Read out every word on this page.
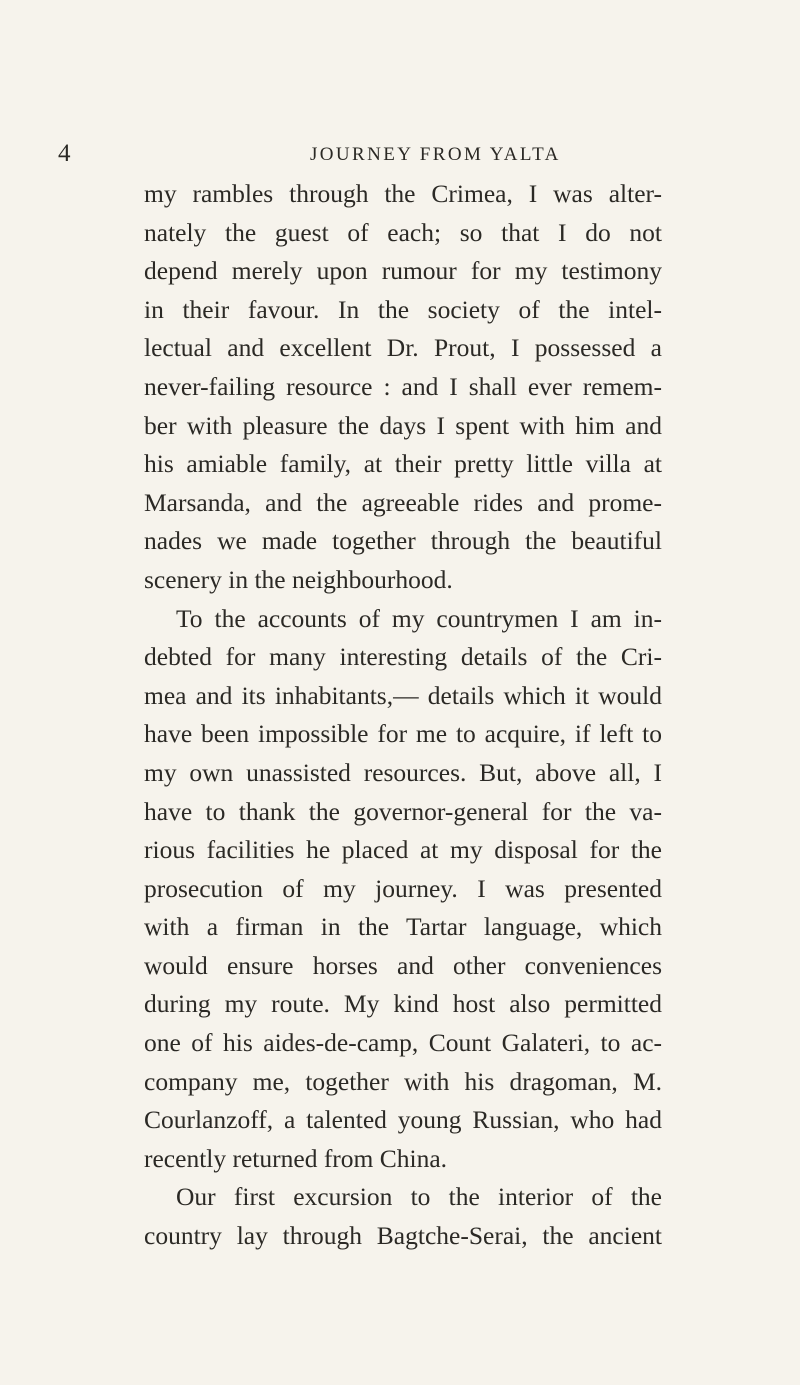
4	JOURNEY FROM YALTA
my rambles through the Crimea, I was alter-
nately the guest of each; so that I do not
depend merely upon rumour for my testimony
in their favour. In the society of the intel-
lectual and excellent Dr. Prout, I possessed a
never-failing resource : and I shall ever remem-
ber with pleasure the days I spent with him and
his amiable family, at their pretty little villa at
Marsanda, and the agreeable rides and prome-
nades we made together through the beautiful
scenery in the neighbourhood.
To the accounts of my countrymen I am in-
debted for many interesting details of the Cri-
mea and its inhabitants,— details which it would
have been impossible for me to acquire, if left to
my own unassisted resources. But, above all, I
have to thank the governor-general for the va-
rious facilities he placed at my disposal for the
prosecution of my journey. I was presented
with a firman in the Tartar language, which
would ensure horses and other conveniences
during my route. My kind host also permitted
one of his aides-de-camp, Count Galateri, to ac-
company me, together with his dragoman, M.
Courlanzoff, a talented young Russian, who had
recently returned from China.
Our first excursion to the interior of the
country lay through Bagtche-Serai, the ancient
